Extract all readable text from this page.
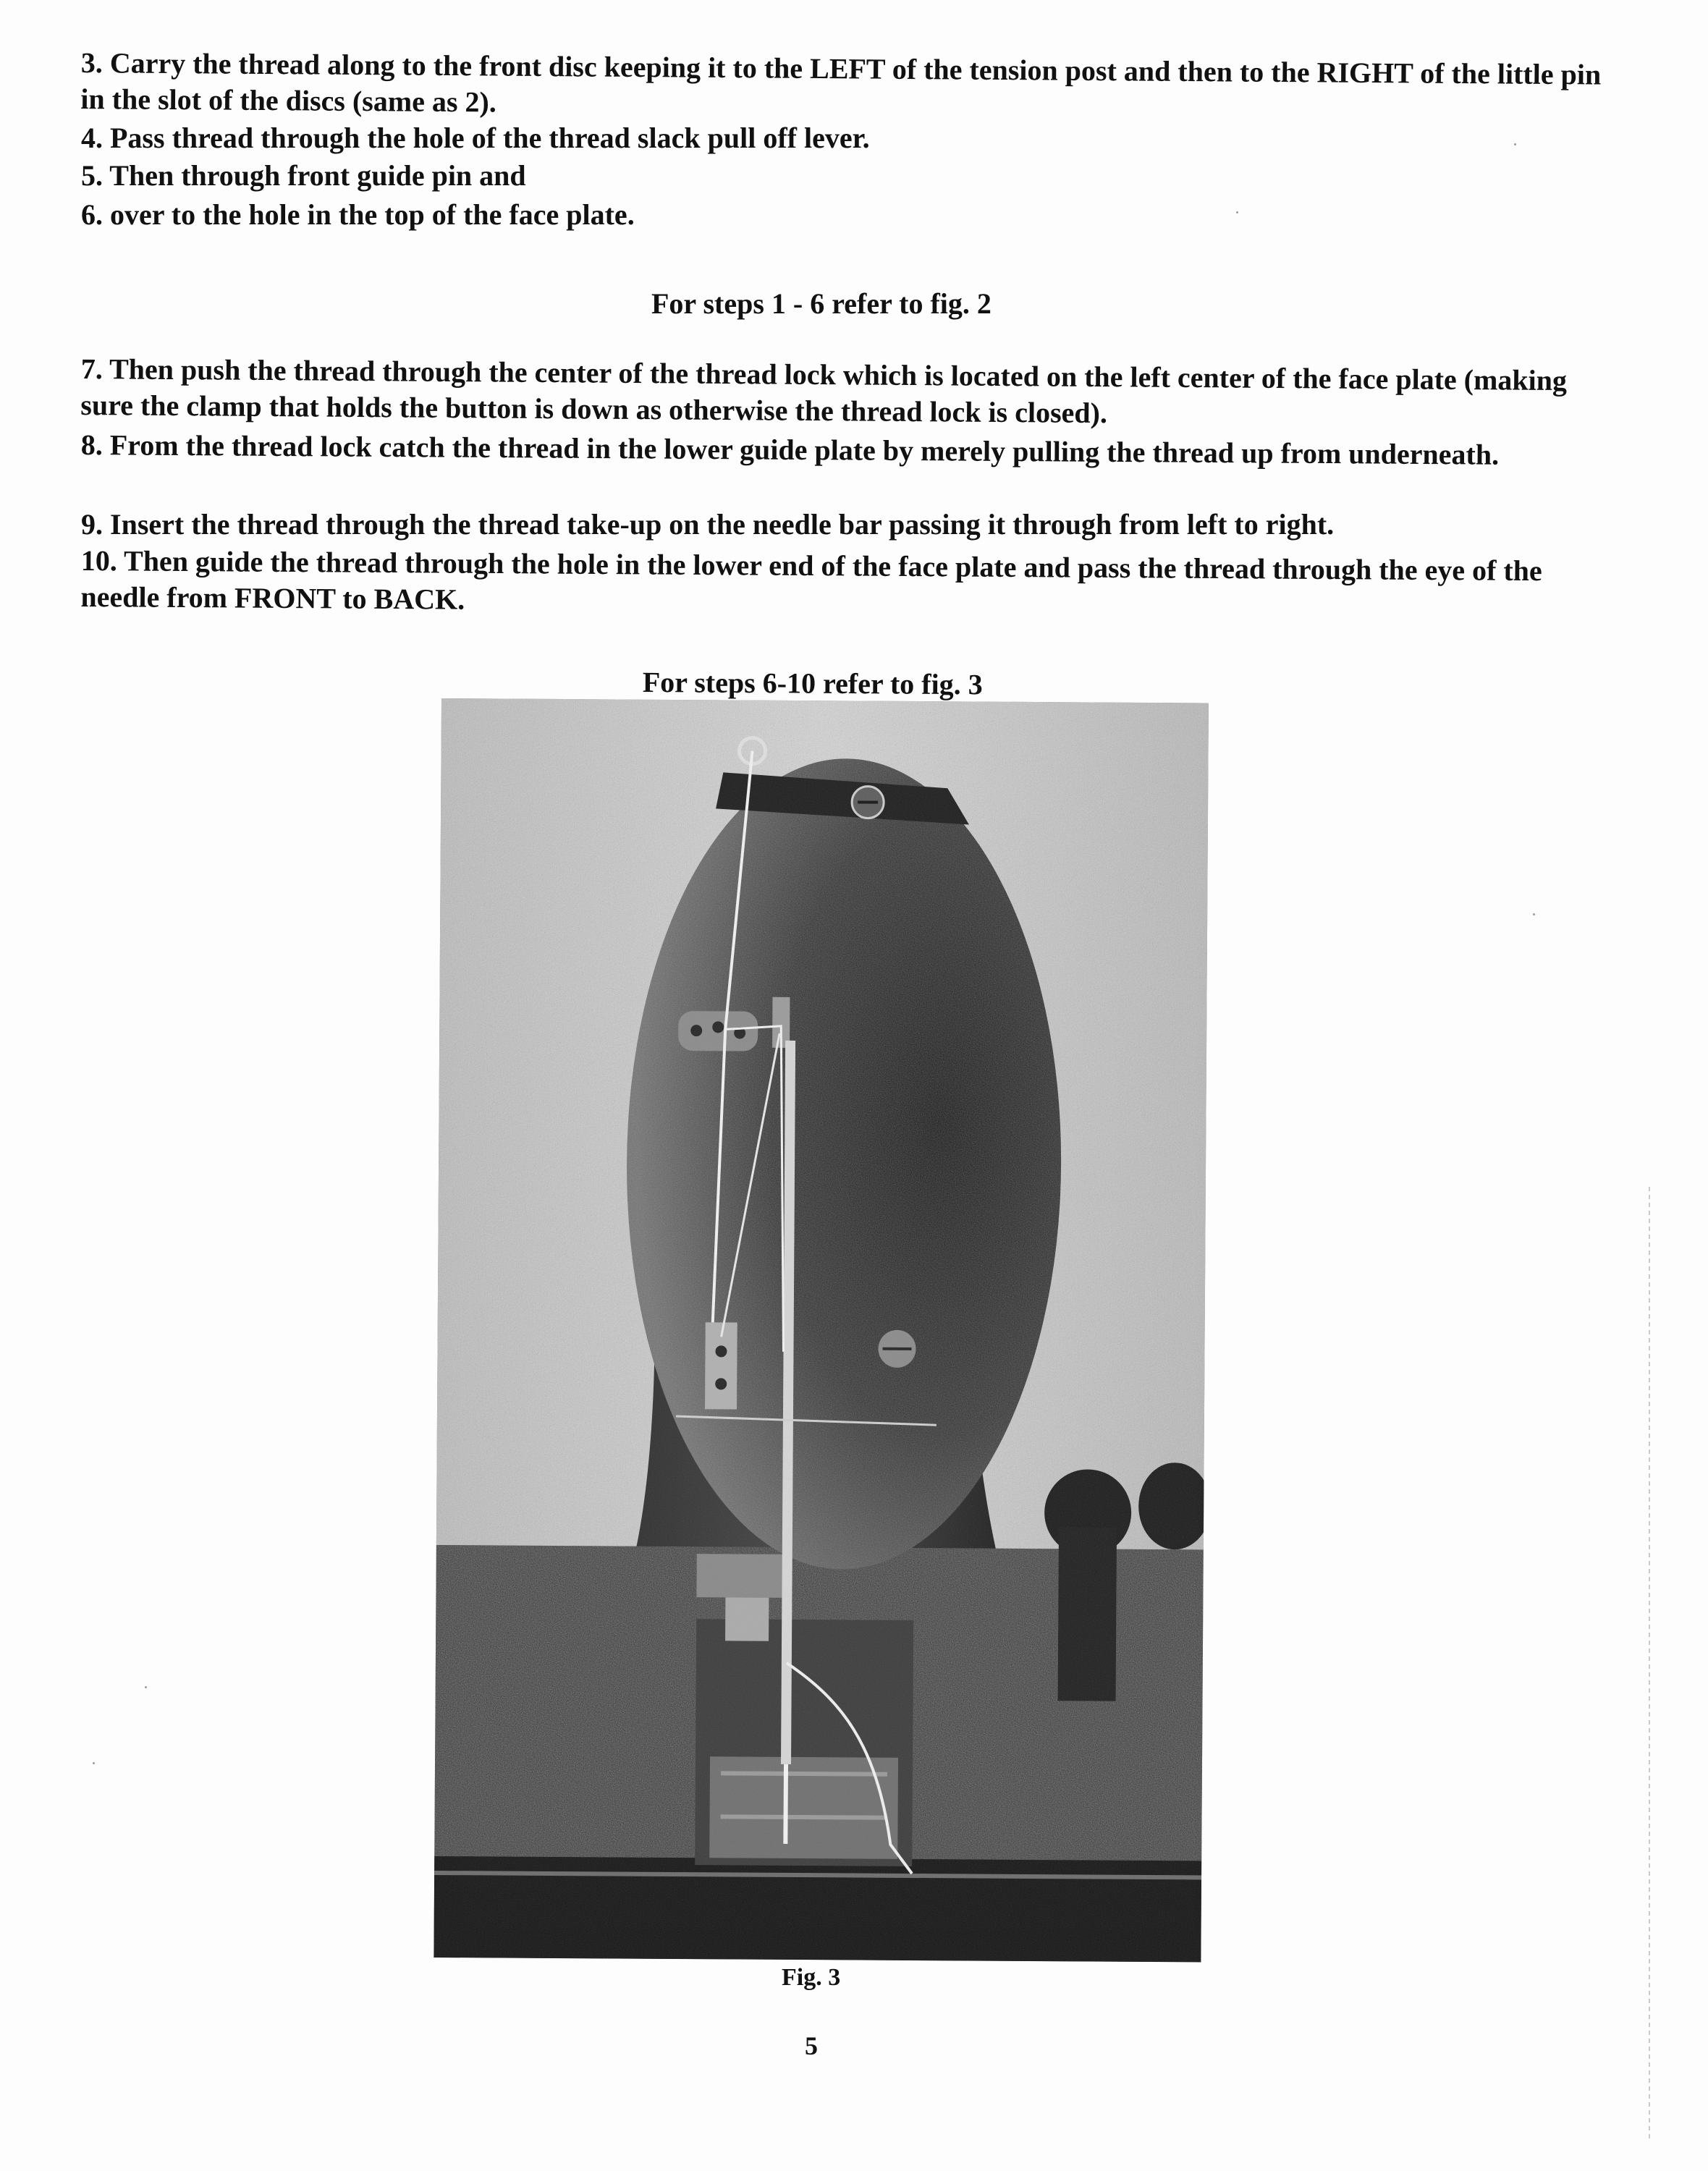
3. Carry the thread along to the front disc keeping it to the LEFT of the tension post and then to the RIGHT of the little pin in the slot of the discs (same as 2).
4. Pass thread through the hole of the thread slack pull off lever.
5. Then through front guide pin and
6. over to the hole in the top of the face plate.
For steps 1 - 6 refer to fig. 2
7. Then push the thread through the center of the thread lock which is located on the left center of the face plate (making sure the clamp that holds the button is down as otherwise the thread lock is closed).
8. From the thread lock catch the thread in the lower guide plate by merely pulling the thread up from underneath.
9. Insert the thread through the thread take-up on the needle bar passing it through from left to right.
10. Then guide the thread through the hole in the lower end of the face plate and pass the thread through the eye of the needle from FRONT to BACK.
For steps 6-10 refer to fig. 3
Fig. 3
5
